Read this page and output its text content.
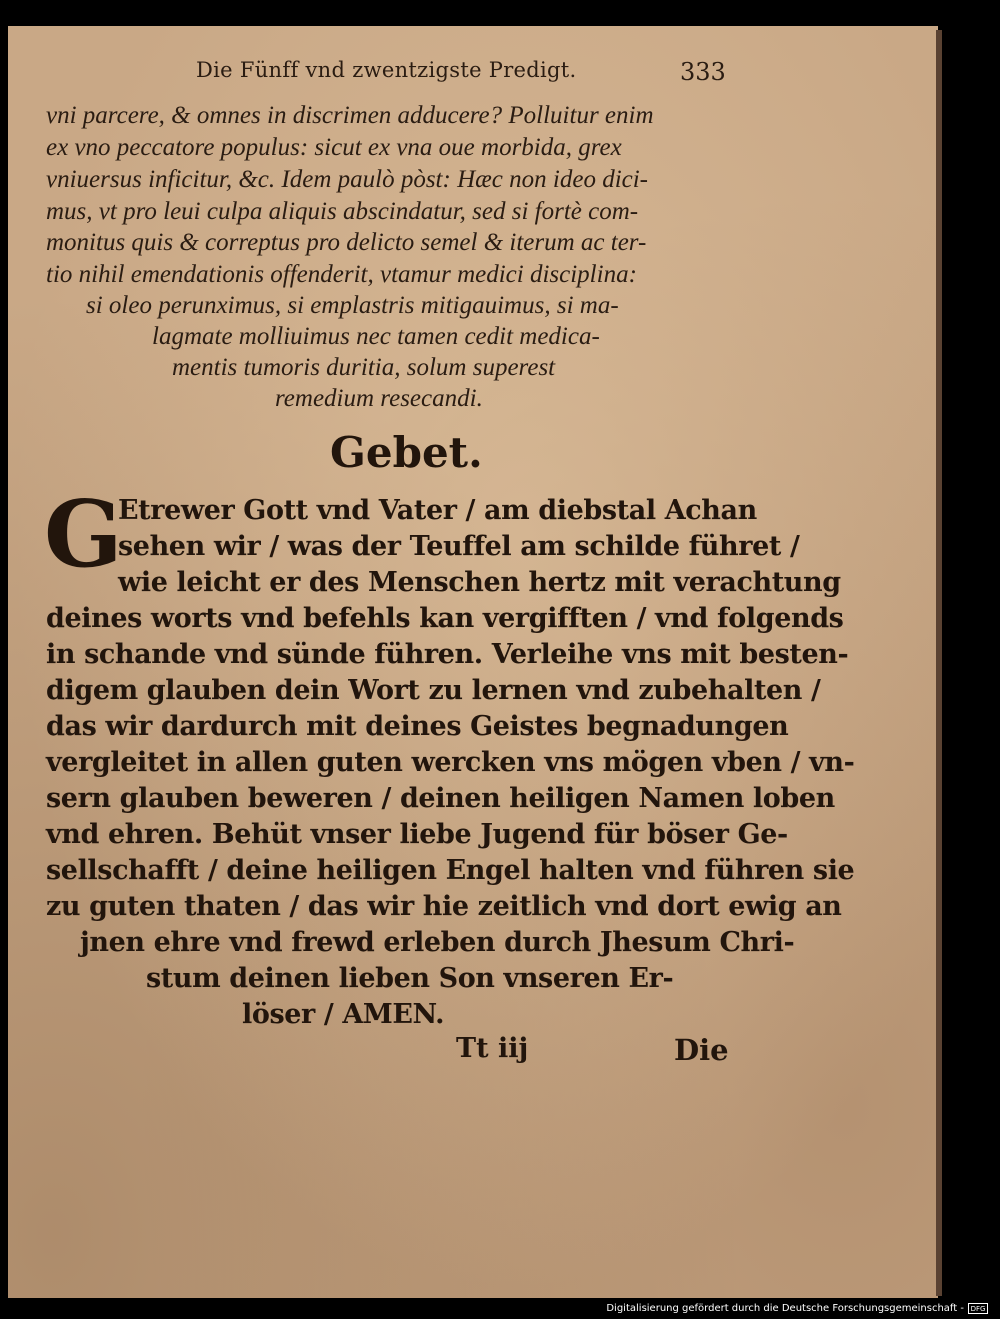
Die Fünff vnd zwentzigste Predigt.	333
vni parcere, & omnes in discrimen adducere? Polluitur enim
ex vno peccatore populus: sicut ex vna oue morbida, grex
vniuersus inficitur, &c. Idem paulò pòst: Hæc non ideo dici-
mus, vt pro leui culpa aliquis abscindatur, sed si fortè com-
monitus quis & correptus pro delicto semel & iterum ac ter-
tio nihil emendationis offenderit, vtamur medici disciplina:
si oleo perunximus, si emplastris mitigauimus, si ma-
lagmate molliuimus nec tamen cedit medica-
mentis tumoris duritia, solum superest
remedium resecandi.
Gebet.
G
Etrewer Gott vnd Vater / am diebstal Achan
sehen wir / was der Teuffel am schilde führet /
wie leicht er des Menschen hertz mit verachtung
deines worts vnd befehls kan vergifften / vnd folgends
in schande vnd sünde führen. Verleihe vns mit besten-
digem glauben dein Wort zu lernen vnd zubehalten /
das wir dardurch mit deines Geistes begnadungen
vergleitet in allen guten wercken vns mögen vben / vn-
sern glauben beweren / deinen heiligen Namen loben
vnd ehren. Behüt vnser liebe Jugend für böser Ge-
sellschafft / deine heiligen Engel halten vnd führen sie
zu guten thaten / das wir hie zeitlich vnd dort ewig an
jnen ehre vnd frewd erleben durch Jhesum Chri-
stum deinen lieben Son vnseren Er-
löser / AMEN.
Tt iij	Die
Digitalisierung gefördert durch die Deutsche Forschungsgemeinschaft - DFG
